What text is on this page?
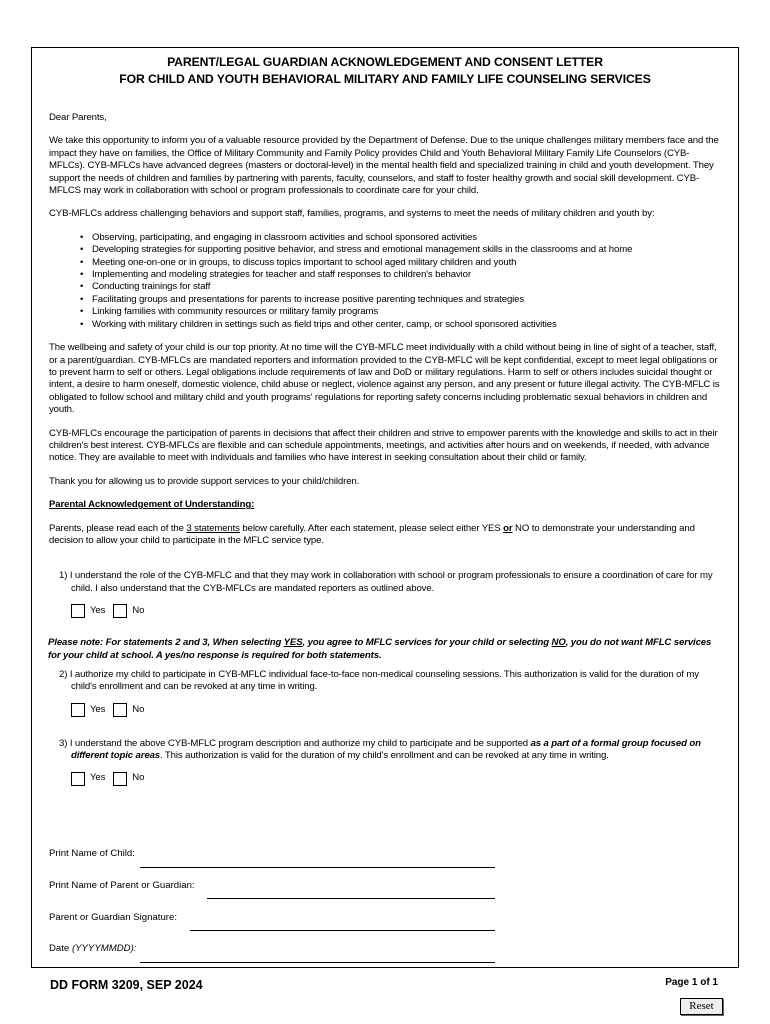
PARENT/LEGAL GUARDIAN ACKNOWLEDGEMENT AND CONSENT LETTER
FOR CHILD AND YOUTH BEHAVIORAL MILITARY AND FAMILY LIFE COUNSELING SERVICES
Dear Parents,
We take this opportunity to inform you of a valuable resource provided by the Department of Defense. Due to the unique challenges military members face and the impact they have on families, the Office of Military Community and Family Policy provides Child and Youth Behavioral Military Family Life Counselors (CYB-MFLCs). CYB-MFLCs have advanced degrees (masters or doctoral-level) in the mental health field and specialized training in child and youth development. They support the needs of children and families by partnering with parents, faculty, counselors, and staff to foster healthy growth and social skill development. CYB-MFLCS may work in collaboration with school or program professionals to coordinate care for your child.
CYB-MFLCs address challenging behaviors and support staff, families, programs, and systems to meet the needs of military children and youth by:
• Observing, participating, and engaging in classroom activities and school sponsored activities
• Developing strategies for supporting positive behavior, and stress and emotional management skills in the classrooms and at home
• Meeting one-on-one or in groups, to discuss topics important to school aged military children and youth
• Implementing and modeling strategies for teacher and staff responses to children's behavior
• Conducting trainings for staff
• Facilitating groups and presentations for parents to increase positive parenting techniques and strategies
• Linking families with community resources or military family programs
• Working with military children in settings such as field trips and other center, camp, or school sponsored activities
The wellbeing and safety of your child is our top priority. At no time will the CYB-MFLC meet individually with a child without being in line of sight of a teacher, staff, or a parent/guardian. CYB-MFLCs are mandated reporters and information provided to the CYB-MFLC will be kept confidential, except to meet legal obligations or to prevent harm to self or others. Legal obligations include requirements of law and DoD or military regulations. Harm to self or others includes suicidal thought or intent, a desire to harm oneself, domestic violence, child abuse or neglect, violence against any person, and any present or future illegal activity. The CYB-MFLC is obligated to follow school and military child and youth programs' regulations for reporting safety concerns including problematic sexual behaviors in children and youth.
CYB-MFLCs encourage the participation of parents in decisions that affect their children and strive to empower parents with the knowledge and skills to act in their children's best interest. CYB-MFLCs are flexible and can schedule appointments, meetings, and activities after hours and on weekends, if needed, with advance notice. They are available to meet with individuals and families who have interest in seeking consultation about their child or family.
Thank you for allowing us to provide support services to your child/children.
Parental Acknowledgement of Understanding:
Parents, please read each of the 3 statements below carefully. After each statement, please select either YES or NO to demonstrate your understanding and decision to allow your child to participate in the MFLC service type.
1) I understand the role of the CYB-MFLC and that they may work in collaboration with school or program professionals to ensure a coordination of care for my child. I also understand that the CYB-MFLCs are mandated reporters as outlined above.
Yes	No
Please note: For statements 2 and 3, When selecting YES, you agree to MFLC services for your child or selecting NO, you do not want MFLC services for your child at school. A yes/no response is required for both statements.
2) I authorize my child to participate in CYB-MFLC individual face-to-face non-medical counseling sessions. This authorization is valid for the duration of my child's enrollment and can be revoked at any time in writing.
Yes	No
3) I understand the above CYB-MFLC program description and authorize my child to participate and be supported as a part of a formal group focused on different topic areas. This authorization is valid for the duration of my child's enrollment and can be revoked at any time in writing.
Yes	No
Print Name of Child:
Print Name of Parent or Guardian:
Parent or Guardian Signature:
Date (YYYYMMDD):
DD FORM 3209, SEP 2024	Page 1 of 1
Reset
